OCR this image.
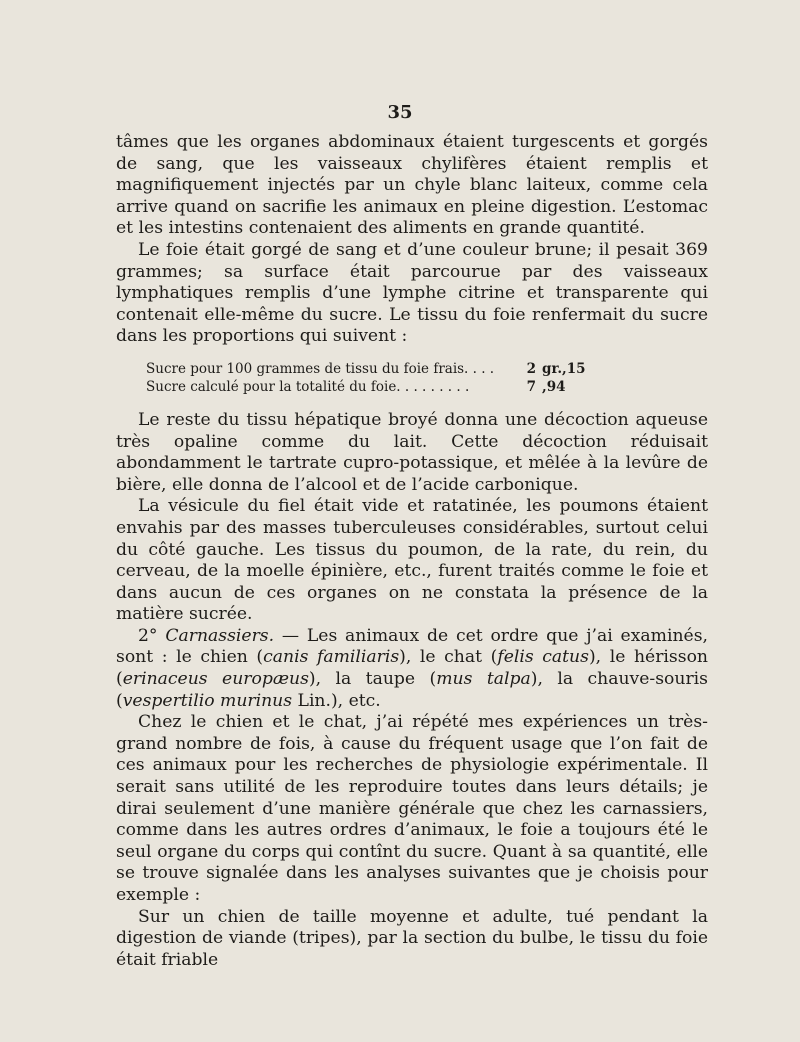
35

tâmes que les organes abdominaux étaient turgescents et gorgés de sang, que les vaisseaux chylifères étaient remplis et magnifiquement injectés par un chyle blanc laiteux, comme cela arrive quand on sacrifie les animaux en pleine digestion. L’estomac et les intestins contenaient des aliments en grande quantité.

Le foie était gorgé de sang et d’une couleur brune; il pesait 369 grammes; sa surface était parcourue par des vaisseaux lymphatiques remplis d’une lymphe citrine et transparente qui contenait elle-même du sucre. Le tissu du foie renfermait du sucre dans les proportions qui suivent :

Sucre pour 100 grammes de tissu du foie frais. . . .	2 gr.,15
Sucre calculé pour la totalité du foie. . . . . . . . .	7 ,94

Le reste du tissu hépatique broyé donna une décoction aqueuse très opaline comme du lait. Cette décoction réduisait abondamment le tartrate cupro-potassique, et mêlée à la levûre de bière, elle donna de l’alcool et de l’acide carbonique.

La vésicule du fiel était vide et ratatinée, les poumons étaient envahis par des masses tuberculeuses considérables, surtout celui du côté gauche. Les tissus du poumon, de la rate, du rein, du cerveau, de la moelle épinière, etc., furent traités comme le foie et dans aucun de ces organes on ne constata la présence de la matière sucrée.

2° Carnassiers. — Les animaux de cet ordre que j’ai examinés, sont : le chien (canis familiaris), le chat (felis catus), le hérisson (erinaceus europæus), la taupe (mus talpa), la chauve-souris (vespertilio murinus Lin.), etc.

Chez le chien et le chat, j’ai répété mes expériences un très-grand nombre de fois, à cause du fréquent usage que l’on fait de ces animaux pour les recherches de physiologie expérimentale. Il serait sans utilité de les reproduire toutes dans leurs détails; je dirai seulement d’une manière générale que chez les carnassiers, comme dans les autres ordres d’animaux, le foie a toujours été le seul organe du corps qui contînt du sucre. Quant à sa quantité, elle se trouve signalée dans les analyses suivantes que je choisis pour exemple :

Sur un chien de taille moyenne et adulte, tué pendant la digestion de viande (tripes), par la section du bulbe, le tissu du foie était friable
